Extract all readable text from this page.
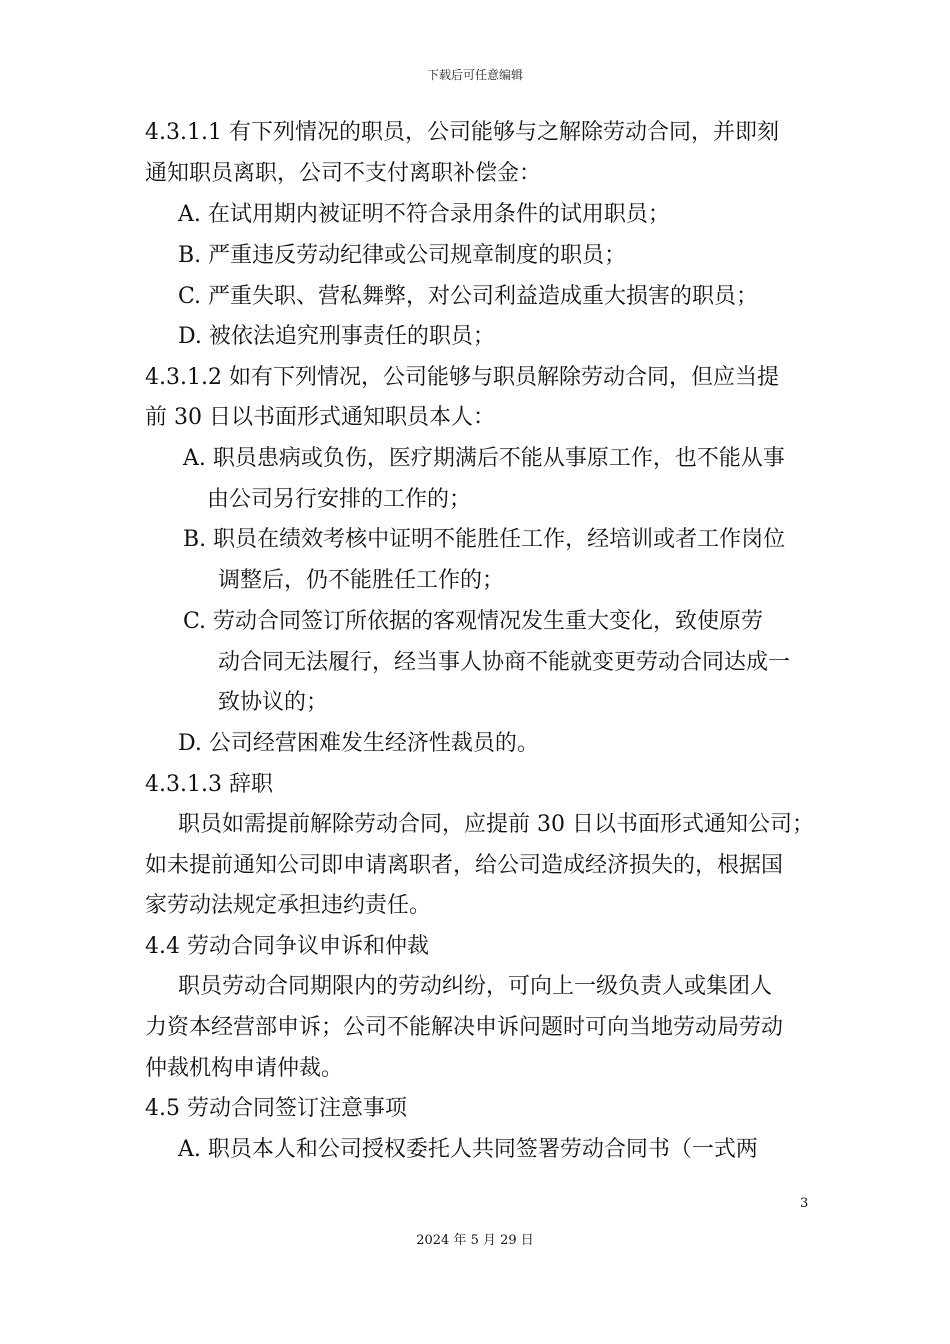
下载后可任意编辑
4.3.1.1 有下列情况的职员，公司能够与之解除劳动合同，并即刻
通知职员离职，公司不支付离职补偿金：
A. 在试用期内被证明不符合录用条件的试用职员；
B. 严重违反劳动纪律或公司规章制度的职员；
C. 严重失职、营私舞弊，对公司利益造成重大损害的职员；
D. 被依法追究刑事责任的职员；
4.3.1.2 如有下列情况，公司能够与职员解除劳动合同，但应当提
前 30 日以书面形式通知职员本人：
A. 职员患病或负伤，医疗期满后不能从事原工作，也不能从事
由公司另行安排的工作的；
B. 职员在绩效考核中证明不能胜任工作，经培训或者工作岗位
调整后，仍不能胜任工作的；
C. 劳动合同签订所依据的客观情况发生重大变化，致使原劳
动合同无法履行，经当事人协商不能就变更劳动合同达成一
致协议的；
D. 公司经营困难发生经济性裁员的。
4.3.1.3 辞职
职员如需提前解除劳动合同，应提前 30 日以书面形式通知公司；
如未提前通知公司即申请离职者，给公司造成经济损失的，根据国
家劳动法规定承担违约责任。
4.4 劳动合同争议申诉和仲裁
职员劳动合同期限内的劳动纠纷，可向上一级负责人或集团人
力资本经营部申诉；公司不能解决申诉问题时可向当地劳动局劳动
仲裁机构申请仲裁。
4.5 劳动合同签订注意事项
A. 职员本人和公司授权委托人共同签署劳动合同书（一式两
3
2024 年 5 月 29 日
